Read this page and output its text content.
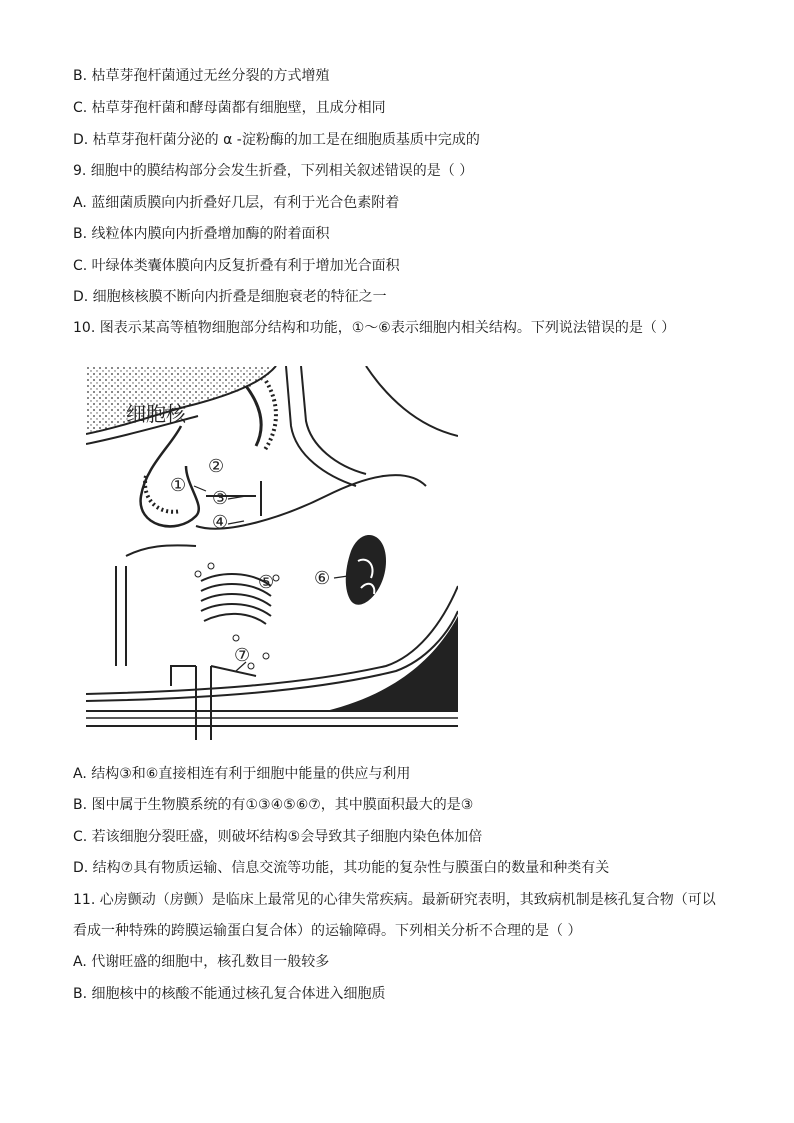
B. 枯草芽孢杆菌通过无丝分裂的方式增殖
C. 枯草芽孢杆菌和酵母菌都有细胞壁，且成分相同
D. 枯草芽孢杆菌分泌的 α -淀粉酶的加工是在细胞质基质中完成的
9. 细胞中的膜结构部分会发生折叠，下列相关叙述错误的是（ ）
A. 蓝细菌质膜向内折叠好几层，有利于光合色素附着
B. 线粒体内膜向内折叠增加酶的附着面积
C. 叶绿体类囊体膜向内反复折叠有利于增加光合面积
D. 细胞核核膜不断向内折叠是细胞衰老的特征之一
10. 图表示某高等植物细胞部分结构和功能，①～⑥表示细胞内相关结构。下列说法错误的是（ ）
细胞核
①
②
③
④
⑤ ⑥
⑦
A. 结构③和⑥直接相连有利于细胞中能量的供应与利用
B. 图中属于生物膜系统的有①③④⑤⑥⑦，其中膜面积最大的是③
C. 若该细胞分裂旺盛，则破坏结构⑤会导致其子细胞内染色体加倍
D. 结构⑦具有物质运输、信息交流等功能，其功能的复杂性与膜蛋白的数量和种类有关
11. 心房颤动（房颤）是临床上最常见的心律失常疾病。最新研究表明，其致病机制是核孔复合物（可以
看成一种特殊的跨膜运输蛋白复合体）的运输障碍。下列相关分析不合理的是（ ）
A. 代谢旺盛的细胞中，核孔数目一般较多
B. 细胞核中的核酸不能通过核孔复合体进入细胞质
